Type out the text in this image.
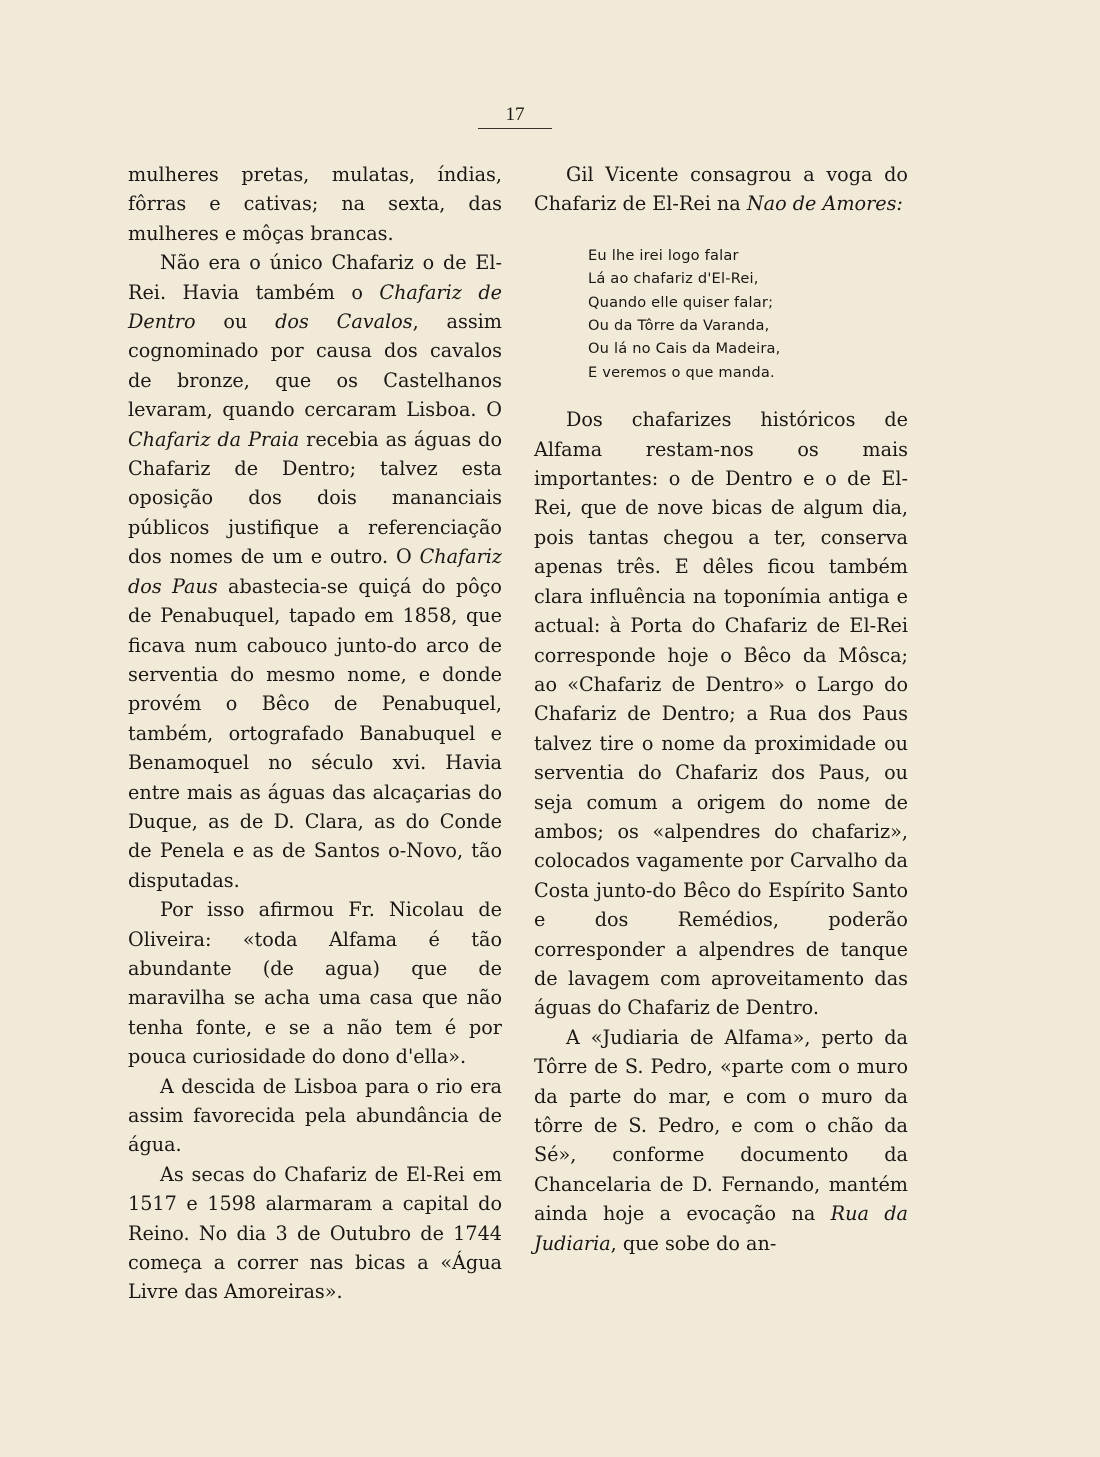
17

mulheres pretas, mulatas, índias, fôrras e cativas; na sexta, das mulheres e môças brancas.

Não era o único Chafariz o de El-Rei. Havia também o Chafariz de Dentro ou dos Cavalos, assim cognominado por causa dos cavalos de bronze, que os Castelhanos levaram, quando cercaram Lisboa. O Chafariz da Praia recebia as águas do Chafariz de Dentro; talvez esta oposição dos dois mananciais públicos justifique a referenciação dos nomes de um e outro. O Chafariz dos Paus abastecia-se quiçá do pôço de Penabuquel, tapado em 1858, que ficava num cabouco junto-do arco de serventia do mesmo nome, e donde provém o Bêco de Penabuquel, também, ortografado Banabuquel e Benamoquel no século xvi. Havia entre mais as águas das alcaçarias do Duque, as de D. Clara, as do Conde de Penela e as de Santos o-Novo, tão disputadas.

Por isso afirmou Fr. Nicolau de Oliveira: «toda Alfama é tão abundante (de agua) que de maravilha se acha uma casa que não tenha fonte, e se a não tem é por pouca curiosidade do dono d'ella».

A descida de Lisboa para o rio era assim favorecida pela abundância de água.

As secas do Chafariz de El-Rei em 1517 e 1598 alarmaram a capital do Reino. No dia 3 de Outubro de 1744 começa a correr nas bicas a «Água Livre das Amoreiras».

Gil Vicente consagrou a voga do Chafariz de El-Rei na Nao de Amores:

Eu lhe irei logo falar
Lá ao chafariz d'El-Rei,
Quando elle quiser falar;
Ou da Tôrre da Varanda,
Ou lá no Cais da Madeira,
E veremos o que manda.

Dos chafarizes históricos de Alfama restam-nos os mais importantes: o de Dentro e o de El-Rei, que de nove bicas de algum dia, pois tantas chegou a ter, conserva apenas três. E dêles ficou também clara influência na toponímia antiga e actual: à Porta do Chafariz de El-Rei corresponde hoje o Bêco da Môsca; ao «Chafariz de Dentro» o Largo do Chafariz de Dentro; a Rua dos Paus talvez tire o nome da proximidade ou serventia do Chafariz dos Paus, ou seja comum a origem do nome de ambos; os «alpendres do chafariz», colocados vagamente por Carvalho da Costa junto-do Bêco do Espírito Santo e dos Remédios, poderão corresponder a alpendres de tanque de lavagem com aproveitamento das águas do Chafariz de Dentro.

A «Judiaria de Alfama», perto da Tôrre de S. Pedro, «parte com o muro da parte do mar, e com o muro da tôrre de S. Pedro, e com o chão da Sé», conforme documento da Chancelaria de D. Fernando, mantém ainda hoje a evocação na Rua da Judiaria, que sobe do an-
